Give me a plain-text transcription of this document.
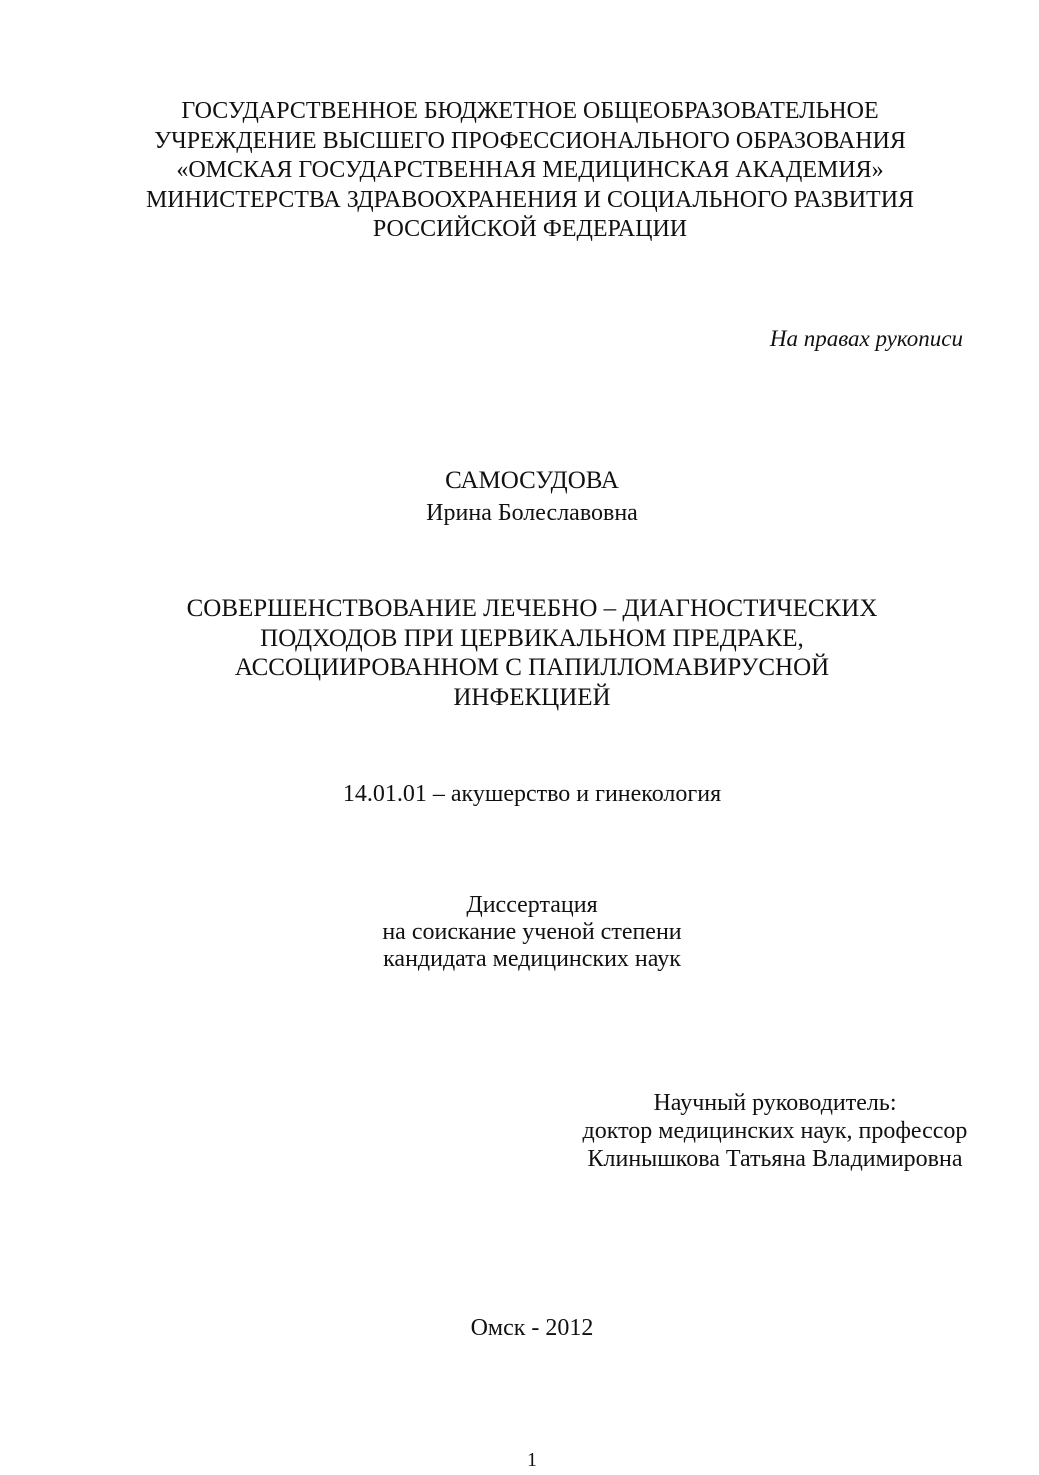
ГОСУДАРСТВЕННОЕ БЮДЖЕТНОЕ ОБЩЕОБРАЗОВАТЕЛЬНОЕ
УЧРЕЖДЕНИЕ ВЫСШЕГО ПРОФЕССИОНАЛЬНОГО ОБРАЗОВАНИЯ
«ОМСКАЯ ГОСУДАРСТВЕННАЯ МЕДИЦИНСКАЯ АКАДЕМИЯ»
МИНИСТЕРСТВА ЗДРАВООХРАНЕНИЯ И СОЦИАЛЬНОГО РАЗВИТИЯ
РОССИЙСКОЙ ФЕДЕРАЦИИ
На правах рукописи
САМОСУДОВА
Ирина Болеславовна
СОВЕРШЕНСТВОВАНИЕ ЛЕЧЕБНО – ДИАГНОСТИЧЕСКИХ
ПОДХОДОВ ПРИ ЦЕРВИКАЛЬНОМ ПРЕДРАКЕ,
АССОЦИИРОВАННОМ С ПАПИЛЛОМАВИРУСНОЙ
ИНФЕКЦИЕЙ
14.01.01 – акушерство и гинекология
Диссертация
на соискание ученой степени
кандидата медицинских наук
Научный руководитель:
доктор медицинских наук, профессор
Клинышкова Татьяна Владимировна
Омск - 2012
1
